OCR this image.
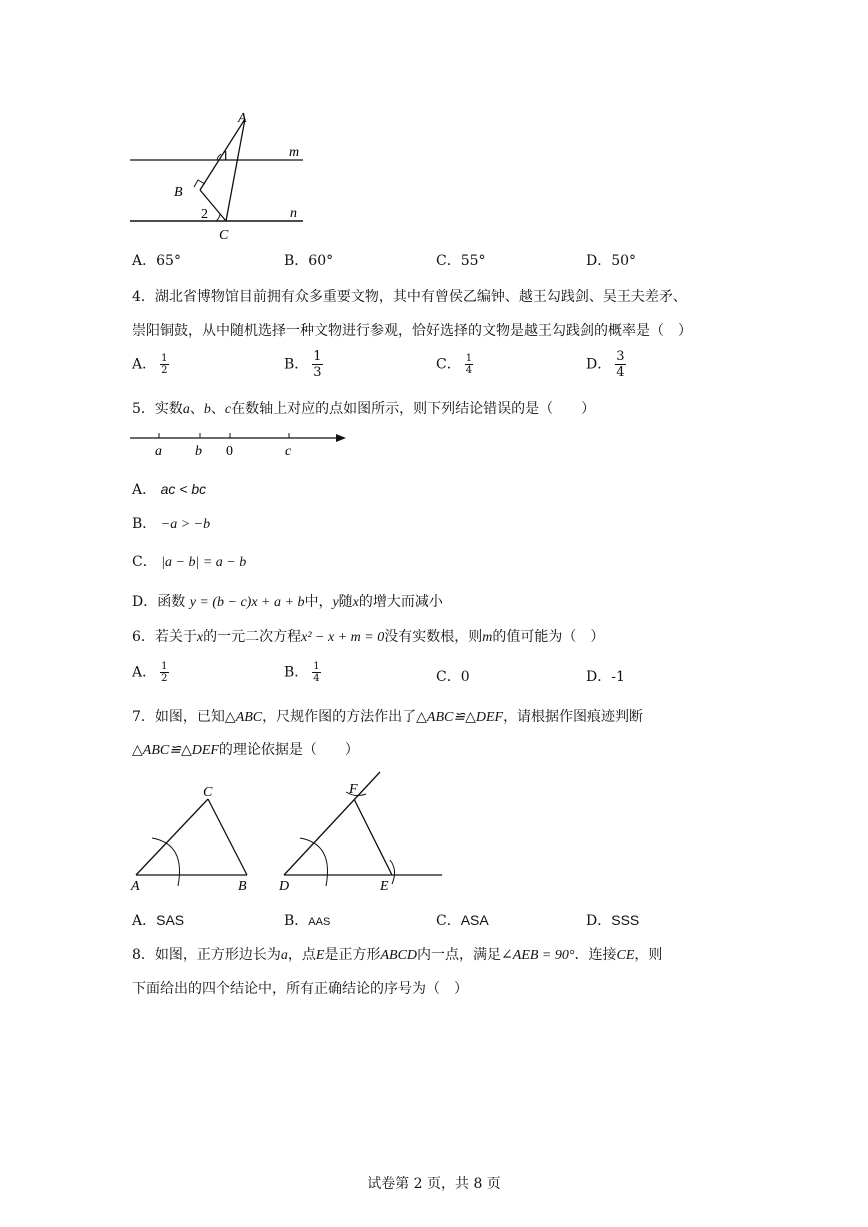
A
B
C
m
n
1
2
A．65°	B．60°	C．55°	D．50°
4．湖北省博物馆目前拥有众多重要文物，其中有曾侯乙编钟、越王勾践剑、吴王夫差矛、
崇阳铜鼓，从中随机选择一种文物进行参观，恰好选择的文物是越王勾践剑的概率是（　）
A． $\frac{1}{2}$	B． $\frac{1}{3}$	C． $\frac{1}{4}$	D． $\frac{3}{4}$
5．实数a、b、c在数轴上对应的点如图所示，则下列结论错误的是（　　）
a b 0	c
A． ac < bc
B． −a > −b
C． |a − b| = a − b
D．函数 y = (b − c)x + a + b中，y随x的增大而减小
6．若关于x的一元二次方程x² − x + m = 0没有实数根，则m的值可能为（　）
A． $\frac{1}{2}$	B． $\frac{1}{4}$	C．0	D．-1
7．如图，已知△ABC，尺规作图的方法作出了△ABC≌△DEF，请根据作图痕迹判断
△ABC≌△DEF的理论依据是（　　）
A	B
C
D	E
F
A．SAS	B．AAS	C．ASA	D．SSS
8．如图，正方形边长为a，点E是正方形ABCD内一点，满足∠AEB = 90°．连接CE，则
下面给出的四个结论中，所有正确结论的序号为（　）
试卷第 2 页，共 8 页
